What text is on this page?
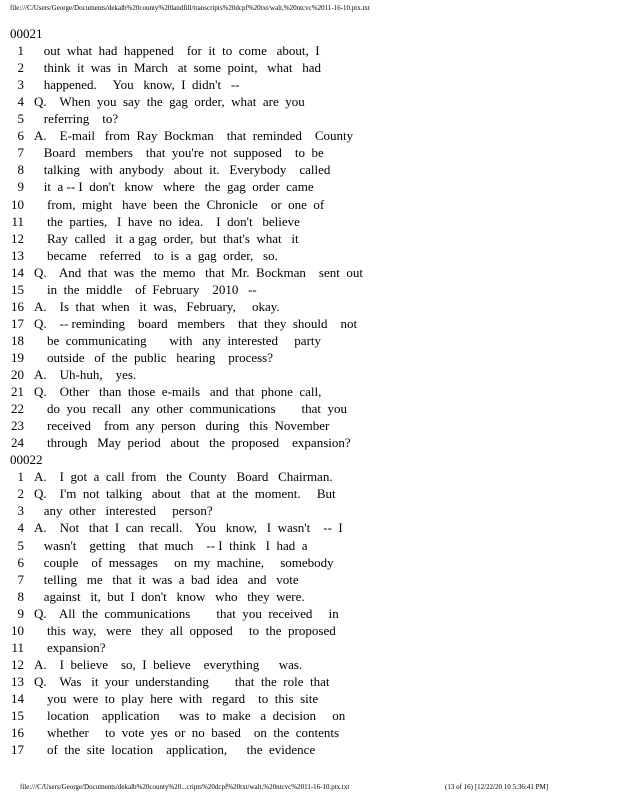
file:///C/Users/George/Documents/dekalb%20county%20landfill/transcripts%20dcpf%20txt/walt,%20ntcvc%2011-16-10.ptx.txt
00021
1 out  what  had  happened    for  it  to  come   about,  I
2 think  it  was  in  March   at  some  point,   what   had
3 happened.     You   know,  I  didn't   --
4 Q.    When  you  say  the  gag  order,  what  are  you
5 referring    to?
6 A.    E-mail   from  Ray  Bockman    that  reminded    County
7 Board   members    that  you're  not  supposed    to  be
8 talking   with  anybody   about  it.   Everybody    called
9 it  a -- I  don't   know   where   the  gag  order  came
10 from,  might   have  been  the  Chronicle    or  one  of
11 the  parties,   I  have  no  idea.    I  don't   believe
12 Ray  called   it  a gag  order,  but  that's  what   it
13 became    referred    to  is  a  gag  order,   so.
14 Q.    And  that  was  the  memo   that  Mr.  Bockman    sent  out
15 in  the  middle    of  February    2010   --
16 A.    Is  that  when   it  was,   February,     okay.
17 Q.    -- reminding    board   members    that  they  should    not
18 be  communicating       with   any  interested     party
19 outside   of  the  public   hearing    process?
20 A.    Uh-huh,    yes.
21 Q.    Other   than  those  e-mails   and  that  phone  call,
22 do  you  recall   any  other  communications        that  you
23 received    from  any  person   during   this  November
24 through   May  period   about   the  proposed    expansion?
00022
1 A.    I  got  a  call  from   the  County   Board   Chairman.
2 Q.    I'm  not  talking   about   that  at  the  moment.     But
3 any  other   interested     person?
4 A.    Not   that  I  can  recall.    You   know,   I  wasn't    --  I
5 wasn't    getting    that  much    -- I  think   I  had  a
6 couple    of  messages     on  my  machine,     somebody
7 telling   me   that  it  was  a  bad  idea   and   vote
8 against   it,  but  I  don't   know   who   they  were.
9 Q.    All  the  communications        that  you  received     in
10 this  way,   were   they  all  opposed     to  the  proposed
11 expansion?
12 A.    I  believe    so,  I  believe    everything      was.
13 Q.    Was   it  your  understanding        that  the  role  that
14 you  were  to  play  here  with   regard    to  this  site
15 location    application      was  to  make   a  decision     on
16 whether     to  vote  yes  or  no  based    on  the  contents
17 of  the  site  location    application,      the  evidence
file:///C/Users/George/Documents/dekalb%20county%20...cripts%20dcpf%20txt/walt,%20ntcvc%2011-16-10.ptx.txt	(13 of 16) [12/22/20 10 5:36:41 PM]
